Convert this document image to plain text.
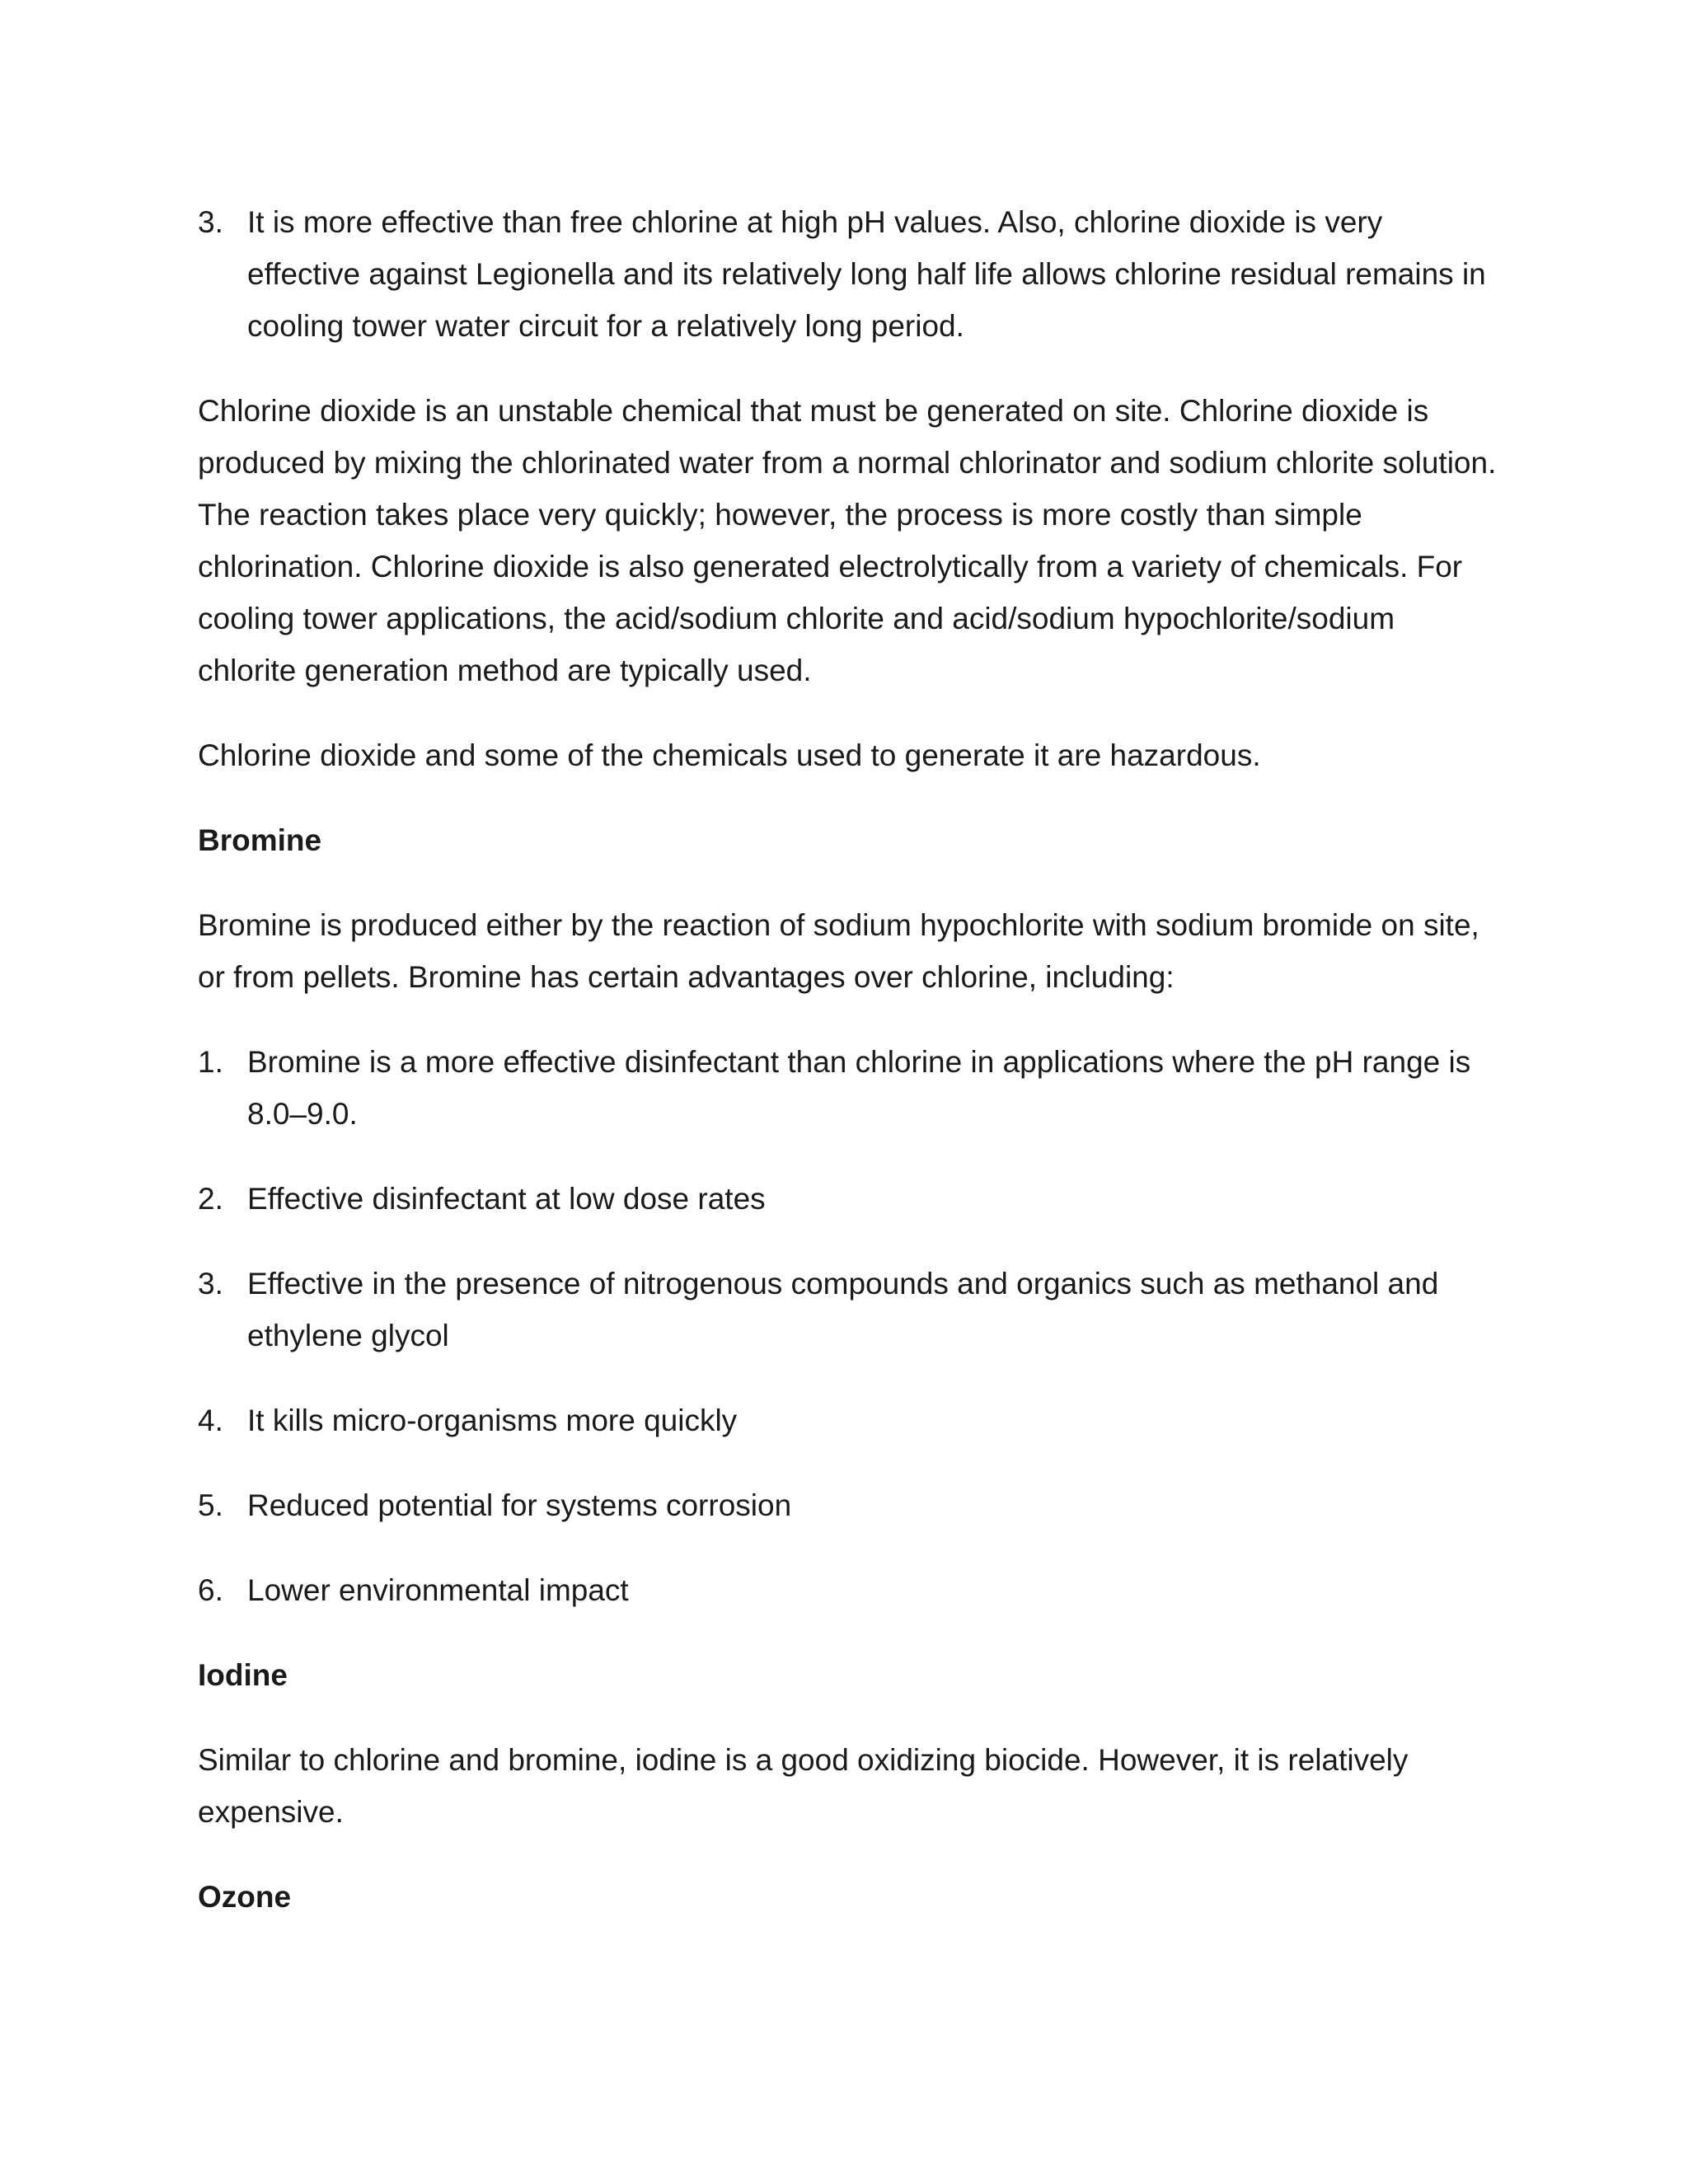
3. It is more effective than free chlorine at high pH values. Also, chlorine dioxide is very effective against Legionella and its relatively long half life allows chlorine residual remains in cooling tower water circuit for a relatively long period.

Chlorine dioxide is an unstable chemical that must be generated on site. Chlorine dioxide is produced by mixing the chlorinated water from a normal chlorinator and sodium chlorite solution. The reaction takes place very quickly; however, the process is more costly than simple chlorination. Chlorine dioxide is also generated electrolytically from a variety of chemicals. For cooling tower applications, the acid/sodium chlorite and acid/sodium hypochlorite/sodium chlorite generation method are typically used.

Chlorine dioxide and some of the chemicals used to generate it are hazardous.

Bromine

Bromine is produced either by the reaction of sodium hypochlorite with sodium bromide on site, or from pellets. Bromine has certain advantages over chlorine, including:

1. Bromine is a more effective disinfectant than chlorine in applications where the pH range is 8.0–9.0.
2. Effective disinfectant at low dose rates
3. Effective in the presence of nitrogenous compounds and organics such as methanol and ethylene glycol
4. It kills micro-organisms more quickly
5. Reduced potential for systems corrosion
6. Lower environmental impact

Iodine

Similar to chlorine and bromine, iodine is a good oxidizing biocide. However, it is relatively expensive.

Ozone
